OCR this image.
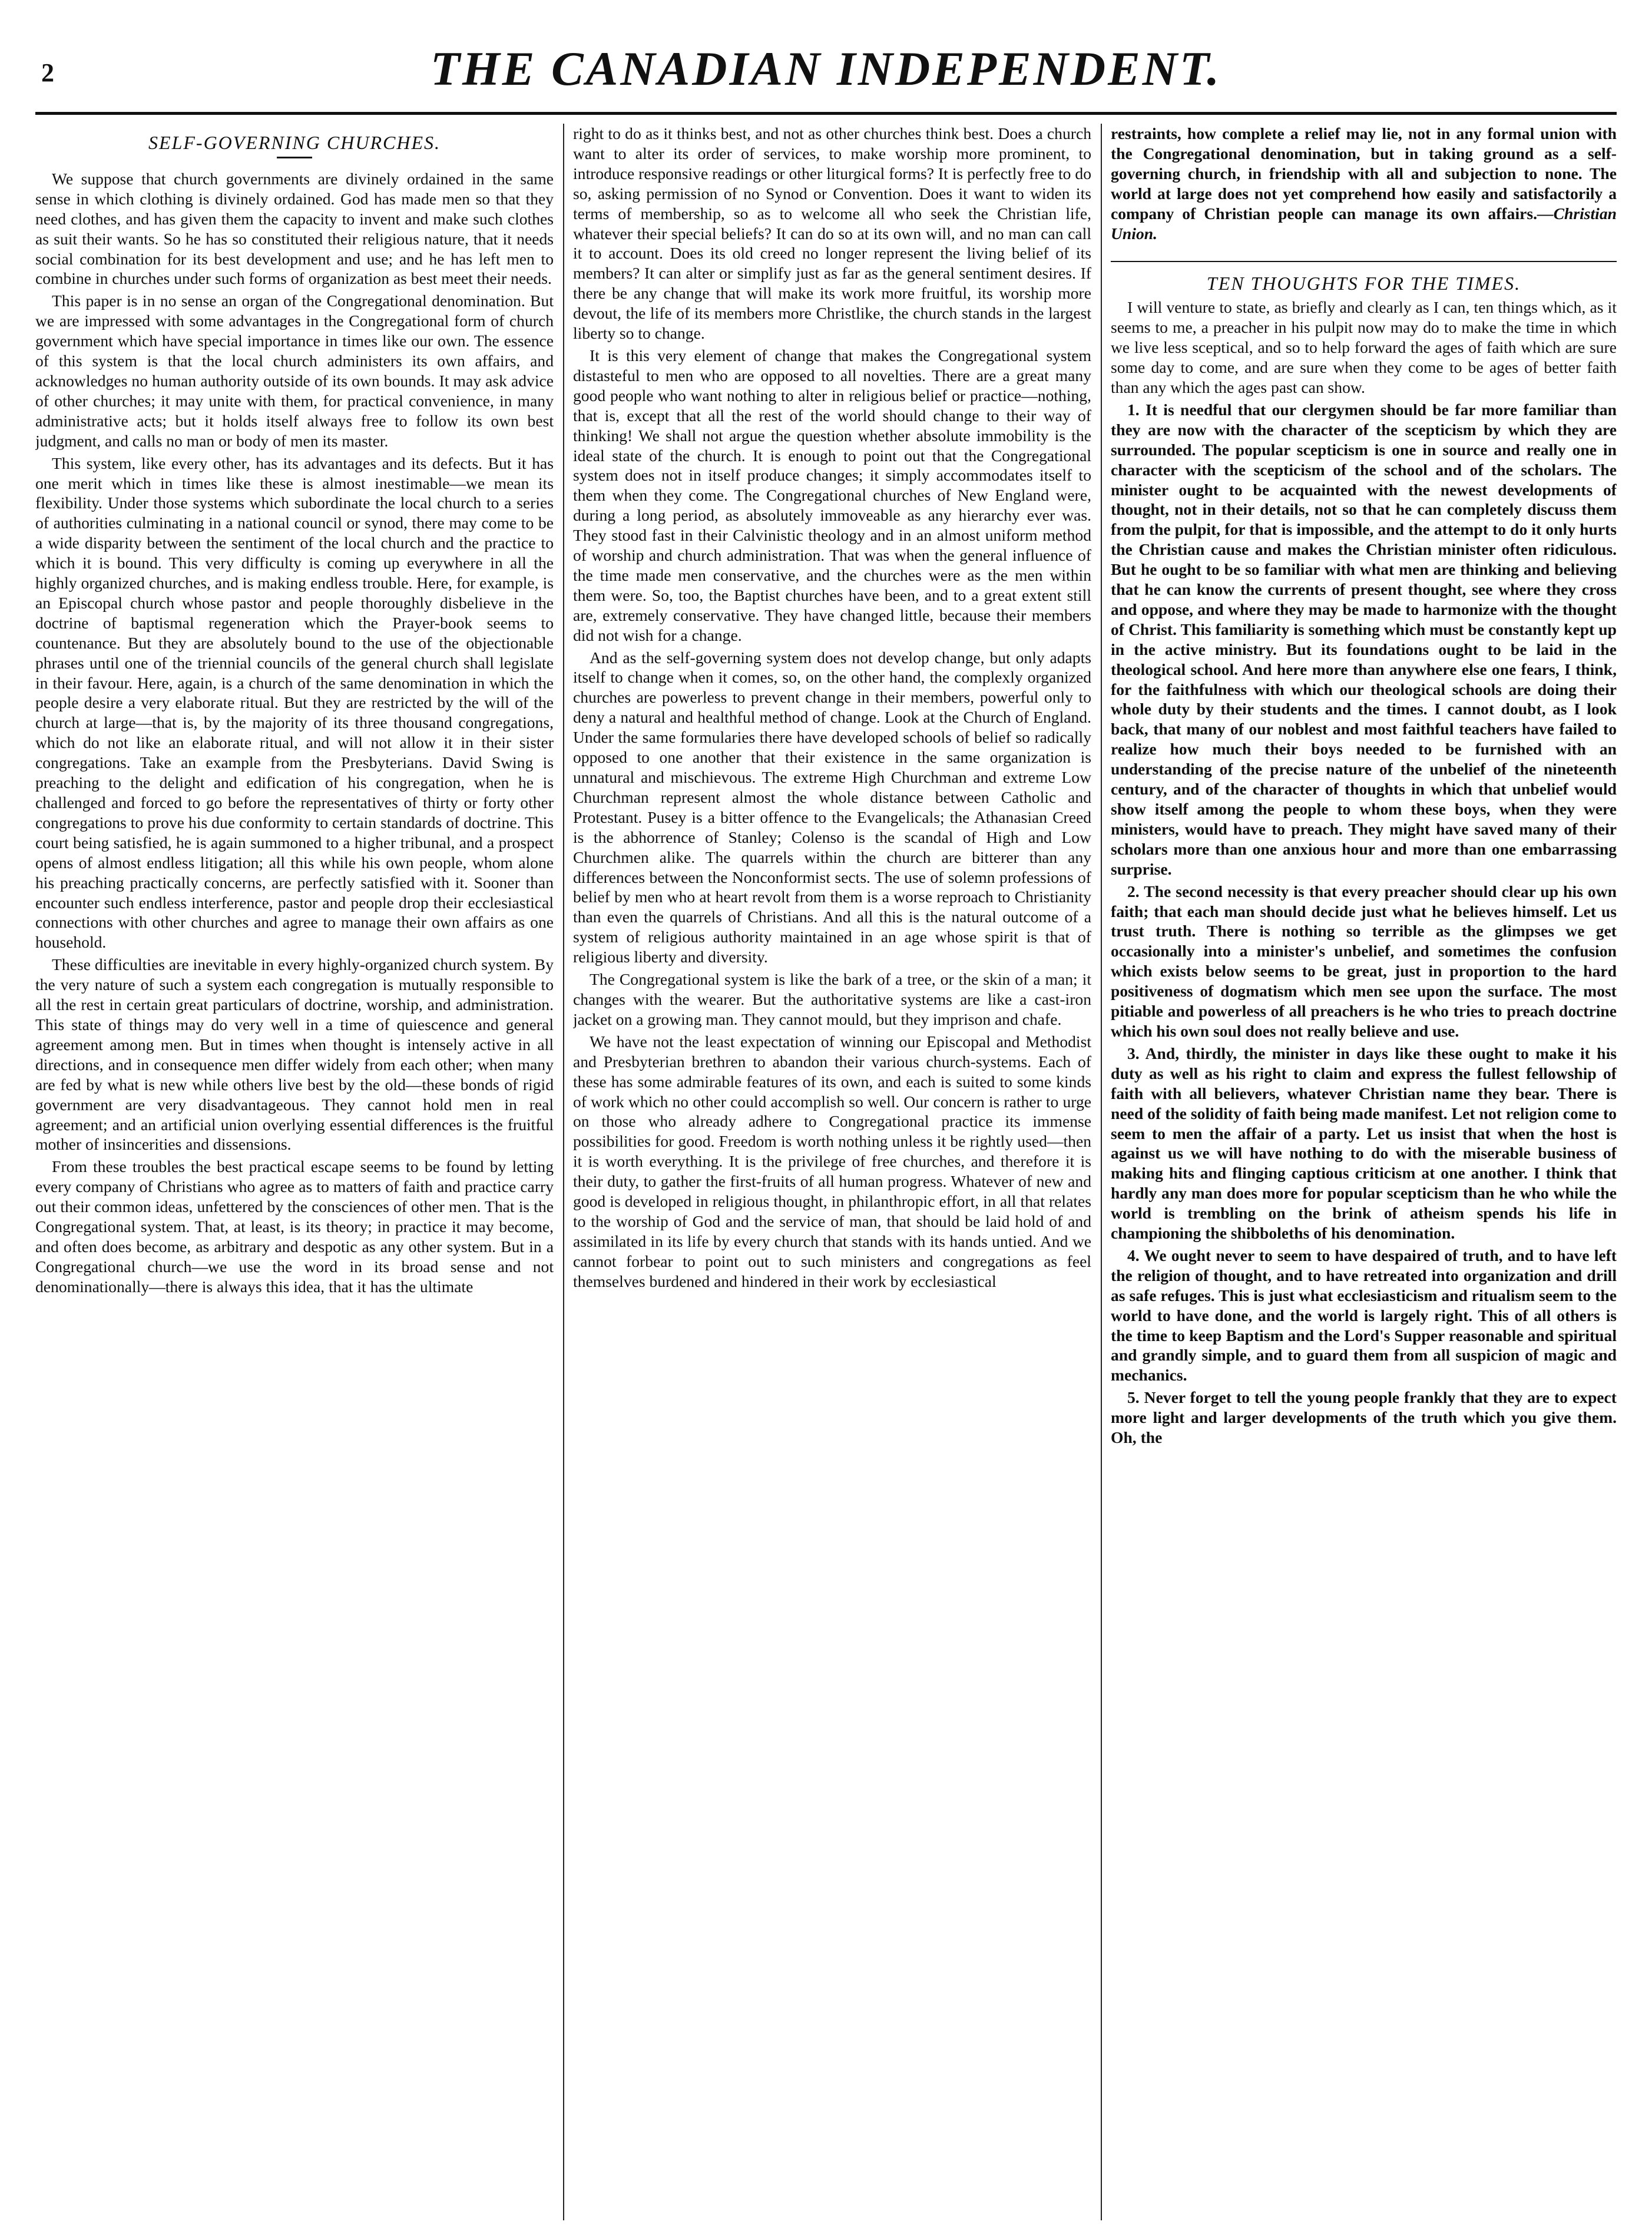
2	THE CANADIAN INDEPENDENT.
SELF-GOVERNING CHURCHES.

We suppose that church governments are divinely ordained in the same sense in which clothing is divinely ordained. God has made men so that they need clothes, and has given them the capacity to invent and make such clothes as suit their wants. So he has so constituted their religious nature, that it needs social combination for its best development and use; and he has left men to combine in churches under such forms of organization as best meet their needs.

This paper is in no sense an organ of the Congregational denomination. But we are impressed with some advantages in the Congregational form of church government which have special importance in times like our own. The essence of this system is that the local church administers its own affairs, and acknowledges no human authority outside of its own bounds. It may ask advice of other churches; it may unite with them, for practical convenience, in many administrative acts; but it holds itself always free to follow its own best judgment, and calls no man or body of men its master.

This system, like every other, has its advantages and its defects. But it has one merit which in times like these is almost inestimable—we mean its flexibility. Under those systems which subordinate the local church to a series of authorities culminating in a national council or synod, there may come to be a wide disparity between the sentiment of the local church and the practice to which it is bound. This very difficulty is coming up everywhere in all the highly organized churches, and is making endless trouble. Here, for example, is an Episcopal church whose pastor and people thoroughly disbelieve in the doctrine of baptismal regeneration which the Prayer-book seems to countenance. But they are absolutely bound to the use of the objectionable phrases until one of the triennial councils of the general church shall legislate in their favour. Here, again, is a church of the same denomination in which the people desire a very elaborate ritual. But they are restricted by the will of the church at large—that is, by the majority of its three thousand congregations, which do not like an elaborate ritual, and will not allow it in their sister congregations. Take an example from the Presbyterians. David Swing is preaching to the delight and edification of his congregation, when he is challenged and forced to go before the representatives of thirty or forty other congregations to prove his due conformity to certain standards of doctrine. This court being satisfied, he is again summoned to a higher tribunal, and a prospect opens of almost endless litigation; all this while his own people, whom alone his preaching practically concerns, are perfectly satisfied with it. Sooner than encounter such endless interference, pastor and people drop their ecclesiastical connections with other churches and agree to manage their own affairs as one household.

These difficulties are inevitable in every highly-organized church system. By the very nature of such a system each congregation is mutually responsible to all the rest in certain great particulars of doctrine, worship, and administration. This state of things may do very well in a time of quiescence and general agreement among men. But in times when thought is intensely active in all directions, and in consequence men differ widely from each other; when many are fed by what is new while others live best by the old—these bonds of rigid government are very disadvantageous. They cannot hold men in real agreement; and an artificial union overlying essential differences is the fruitful mother of insincerities and dissensions.

From these troubles the best practical escape seems to be found by letting every company of Christians who agree as to matters of faith and practice carry out their common ideas, unfettered by the consciences of other men. That is the Congregational system. That, at least, is its theory; in practice it may become, and often does become, as arbitrary and despotic as any other system. But in a Congregational church—we use the word in its broad sense and not denominationally—there is always this idea, that it has the ultimate

right to do as it thinks best, and not as other churches think best. Does a church want to alter its order of services, to make worship more prominent, to introduce responsive readings or other liturgical forms? It is perfectly free to do so, asking permission of no Synod or Convention. Does it want to widen its terms of membership, so as to welcome all who seek the Christian life, whatever their special beliefs? It can do so at its own will, and no man can call it to account. Does its old creed no longer represent the living belief of its members? It can alter or simplify just as far as the general sentiment desires. If there be any change that will make its work more fruitful, its worship more devout, the life of its members more Christlike, the church stands in the largest liberty so to change.

It is this very element of change that makes the Congregational system distasteful to men who are opposed to all novelties. There are a great many good people who want nothing to alter in religious belief or practice—nothing, that is, except that all the rest of the world should change to their way of thinking! We shall not argue the question whether absolute immobility is the ideal state of the church. It is enough to point out that the Congregational system does not in itself produce changes; it simply accommodates itself to them when they come. The Congregational churches of New England were, during a long period, as absolutely immoveable as any hierarchy ever was. They stood fast in their Calvinistic theology and in an almost uniform method of worship and church administration. That was when the general influence of the time made men conservative, and the churches were as the men within them were. So, too, the Baptist churches have been, and to a great extent still are, extremely conservative. They have changed little, because their members did not wish for a change.

And as the self-governing system does not develop change, but only adapts itself to change when it comes, so, on the other hand, the complexly organized churches are powerless to prevent change in their members, powerful only to deny a natural and healthful method of change. Look at the Church of England. Under the same formularies there have developed schools of belief so radically opposed to one another that their existence in the same organization is unnatural and mischievous. The extreme High Churchman and extreme Low Churchman represent almost the whole distance between Catholic and Protestant. Pusey is a bitter offence to the Evangelicals; the Athanasian Creed is the abhorrence of Stanley; Colenso is the scandal of High and Low Churchmen alike. The quarrels within the church are bitterer than any differences between the Nonconformist sects. The use of solemn professions of belief by men who at heart revolt from them is a worse reproach to Christianity than even the quarrels of Christians. And all this is the natural outcome of a system of religious authority maintained in an age whose spirit is that of religious liberty and diversity.

The Congregational system is like the bark of a tree, or the skin of a man; it changes with the wearer. But the authoritative systems are like a cast-iron jacket on a growing man. They cannot mould, but they imprison and chafe.

We have not the least expectation of winning our Episcopal and Methodist and Presbyterian brethren to abandon their various church-systems. Each of these has some admirable features of its own, and each is suited to some kinds of work which no other could accomplish so well. Our concern is rather to urge on those who already adhere to Congregational practice its immense possibilities for good. Freedom is worth nothing unless it be rightly used—then it is worth everything. It is the privilege of free churches, and therefore it is their duty, to gather the first-fruits of all human progress. Whatever of new and good is developed in religious thought, in philanthropic effort, in all that relates to the worship of God and the service of man, that should be laid hold of and assimilated in its life by every church that stands with its hands untied. And we cannot forbear to point out to such ministers and congregations as feel themselves burdened and hindered in their work by ecclesiastical

restraints, how complete a relief may lie, not in any formal union with the Congregational denomination, but in taking ground as a self-governing church, in friendship with all and subjection to none. The world at large does not yet comprehend how easily and satisfactorily a company of Christian people can manage its own affairs.—Christian Union.

TEN THOUGHTS FOR THE TIMES.

I will venture to state, as briefly and clearly as I can, ten things which, as it seems to me, a preacher in his pulpit now may do to make the time in which we live less sceptical, and so to help forward the ages of faith which are sure some day to come, and are sure when they come to be ages of better faith than any which the ages past can show.

1. It is needful that our clergymen should be far more familiar than they are now with the character of the scepticism by which they are surrounded. The popular scepticism is one in source and really one in character with the scepticism of the school and of the scholars. The minister ought to be acquainted with the newest developments of thought, not in their details, not so that he can completely discuss them from the pulpit, for that is impossible, and the attempt to do it only hurts the Christian cause and makes the Christian minister often ridiculous. But he ought to be so familiar with what men are thinking and believing that he can know the currents of present thought, see where they cross and oppose, and where they may be made to harmonize with the thought of Christ. This familiarity is something which must be constantly kept up in the active ministry. But its foundations ought to be laid in the theological school. And here more than anywhere else one fears, I think, for the faithfulness with which our theological schools are doing their whole duty by their students and the times. I cannot doubt, as I look back, that many of our noblest and most faithful teachers have failed to realize how much their boys needed to be furnished with an understanding of the precise nature of the unbelief of the nineteenth century, and of the character of thoughts in which that unbelief would show itself among the people to whom these boys, when they were ministers, would have to preach. They might have saved many of their scholars more than one anxious hour and more than one embarrassing surprise.

2. The second necessity is that every preacher should clear up his own faith; that each man should decide just what he believes himself. Let us trust truth. There is nothing so terrible as the glimpses we get occasionally into a minister's unbelief, and sometimes the confusion which exists below seems to be great, just in proportion to the hard positiveness of dogmatism which men see upon the surface. The most pitiable and powerless of all preachers is he who tries to preach doctrine which his own soul does not really believe and use.

3. And, thirdly, the minister in days like these ought to make it his duty as well as his right to claim and express the fullest fellowship of faith with all believers, whatever Christian name they bear. There is need of the solidity of faith being made manifest. Let not religion come to seem to men the affair of a party. Let us insist that when the host is against us we will have nothing to do with the miserable business of making hits and flinging captious criticism at one another. I think that hardly any man does more for popular scepticism than he who while the world is trembling on the brink of atheism spends his life in championing the shibboleths of his denomination.

4. We ought never to seem to have despaired of truth, and to have left the religion of thought, and to have retreated into organization and drill as safe refuges. This is just what ecclesiasticism and ritualism seem to the world to have done, and the world is largely right. This of all others is the time to keep Baptism and the Lord's Supper reasonable and spiritual and grandly simple, and to guard them from all suspicion of magic and mechanics.

5. Never forget to tell the young people frankly that they are to expect more light and larger developments of the truth which you give them. Oh, the
